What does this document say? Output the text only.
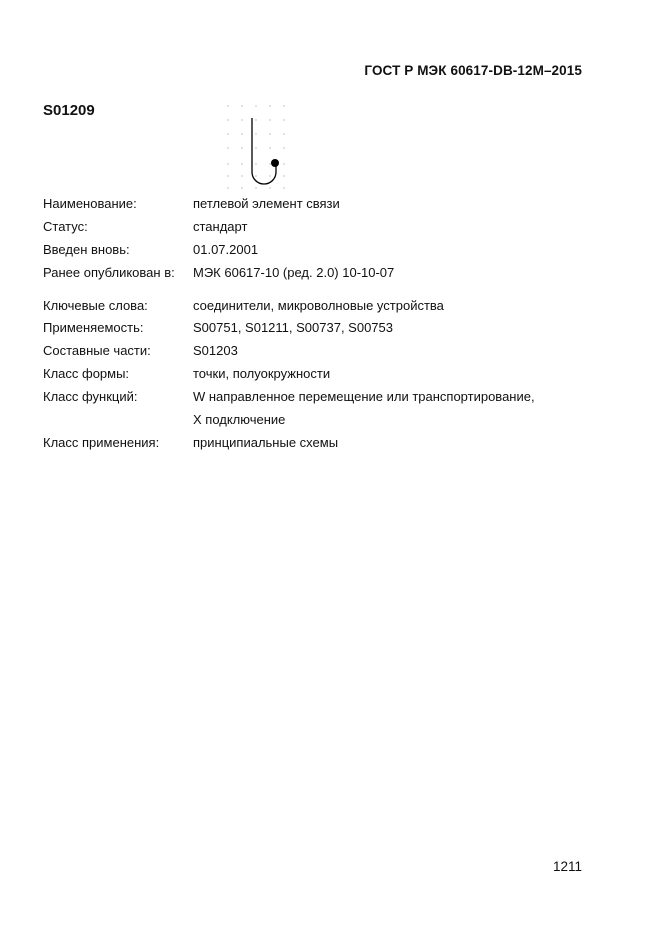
ГОСТ Р МЭК 60617-DB-12M–2015
S01209
Наименование:	петлевой элемент связи
Статус:	стандарт
Введен вновь:	01.07.2001
Ранее опубликован в: МЭК 60617-10 (ред. 2.0) 10-10-07
Ключевые слова:	соединители, микроволновые устройства
Применяемость:	S00751, S01211, S00737, S00753
Составные части:	S01203
Класс формы:	точки, полуокружности
Класс функций:	W направленное перемещение или транспортирование,
X подключение
Класс применения:	принципиальные схемы
1211
